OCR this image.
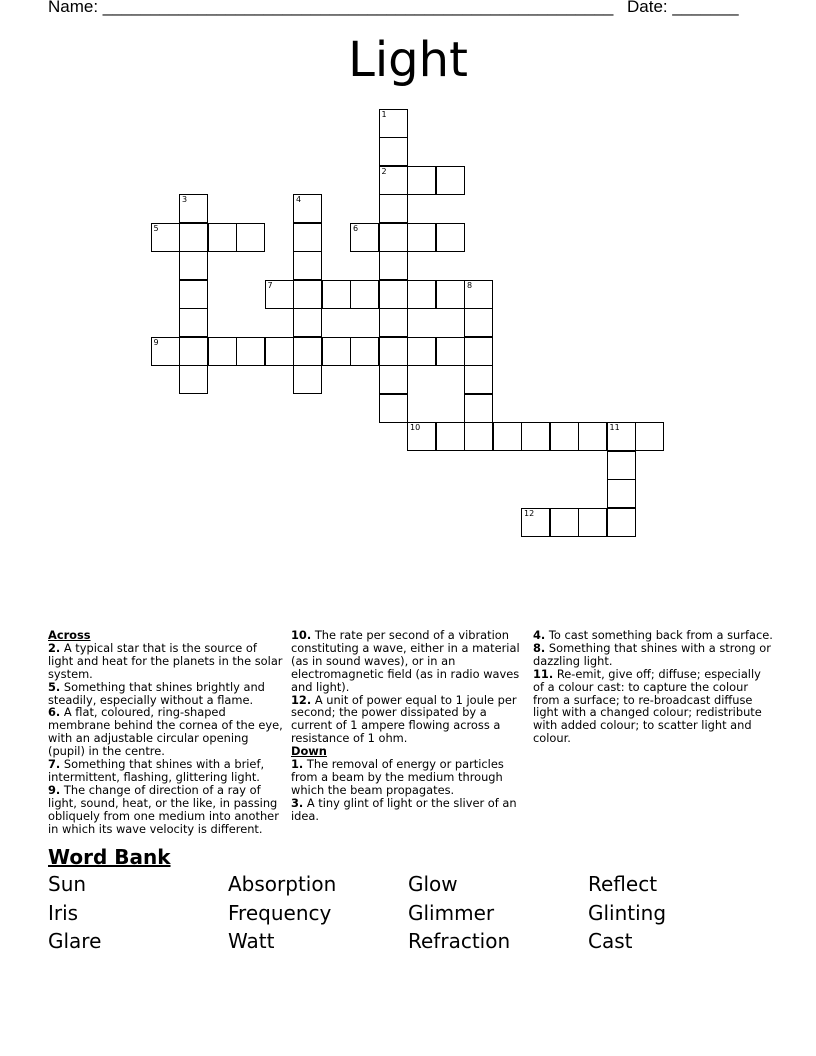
Name: ______________________________________________________ Date: _______
Light
1
2
3	4
5	6
7	8
9
10	11
12
Across
2. A typical star that is the source of light and heat for the planets in the solar system.
5. Something that shines brightly and steadily, especially without a flame.
6. A flat, coloured, ring-shaped membrane behind the cornea of the eye, with an adjustable circular opening (pupil) in the centre.
7. Something that shines with a brief, intermittent, flashing, glittering light.
9. The change of direction of a ray of light, sound, heat, or the like, in passing obliquely from one medium into another in which its wave velocity is different.
10. The rate per second of a vibration constituting a wave, either in a material (as in sound waves), or in an electromagnetic field (as in radio waves and light).
12. A unit of power equal to 1 joule per second; the power dissipated by a current of 1 ampere flowing across a resistance of 1 ohm.
Down
1. The removal of energy or particles from a beam by the medium through which the beam propagates.
3. A tiny glint of light or the sliver of an idea.
4. To cast something back from a surface.
8. Something that shines with a strong or dazzling light.
11. Re-emit, give off; diffuse; especially of a colour cast: to capture the colour from a surface; to re-broadcast diffuse light with a changed colour; redistribute with added colour; to scatter light and colour.
Word Bank
Sun	Absorption	Glow	Reflect
Iris	Frequency	Glimmer	Glinting
Glare	Watt	Refraction	Cast
